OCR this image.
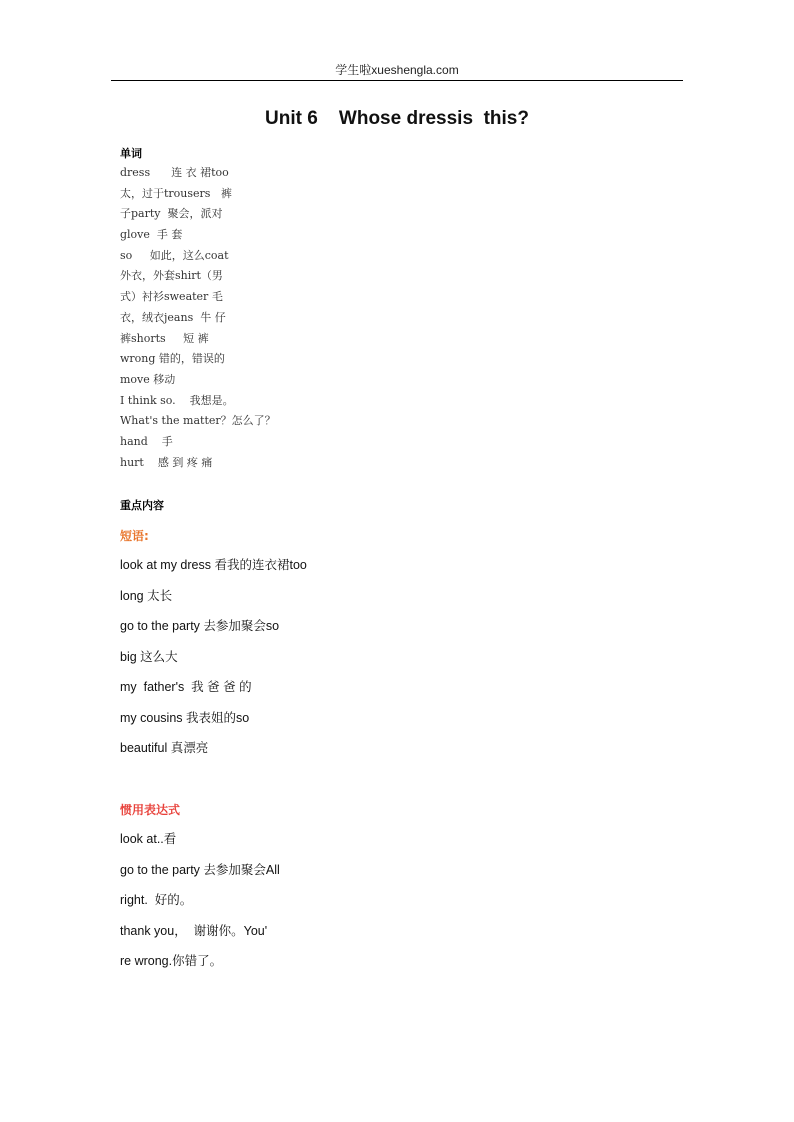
学生啦xueshengla.com
Unit 6    Whose dressis  this?
单词
dress      连 衣 裙too
太，过于trousers   裤
子party  聚会，派对
glove  手 套
so     如此，这么coat
外衣，外套shirt（男
式）衬衫sweater 毛
衣，绒衣jeans  牛 仔
裤shorts     短 裤
wrong 错的，错误的
move 移动
I think so.    我想是。
What's the matter？怎么了？
hand    手
hurt    感 到 疼 痛
重点内容
短语:
look at my dress 看我的连衣裙too
long 太长
go to the party 去参加聚会so
big 这么大
my  father's  我 爸 爸 的
my cousins 我表姐的so
beautiful 真漂亮
惯用表达式
look at..看
go to the party 去参加聚会All
right.  好的。
thank you，  谢谢你。You'
re wrong.你错了。
